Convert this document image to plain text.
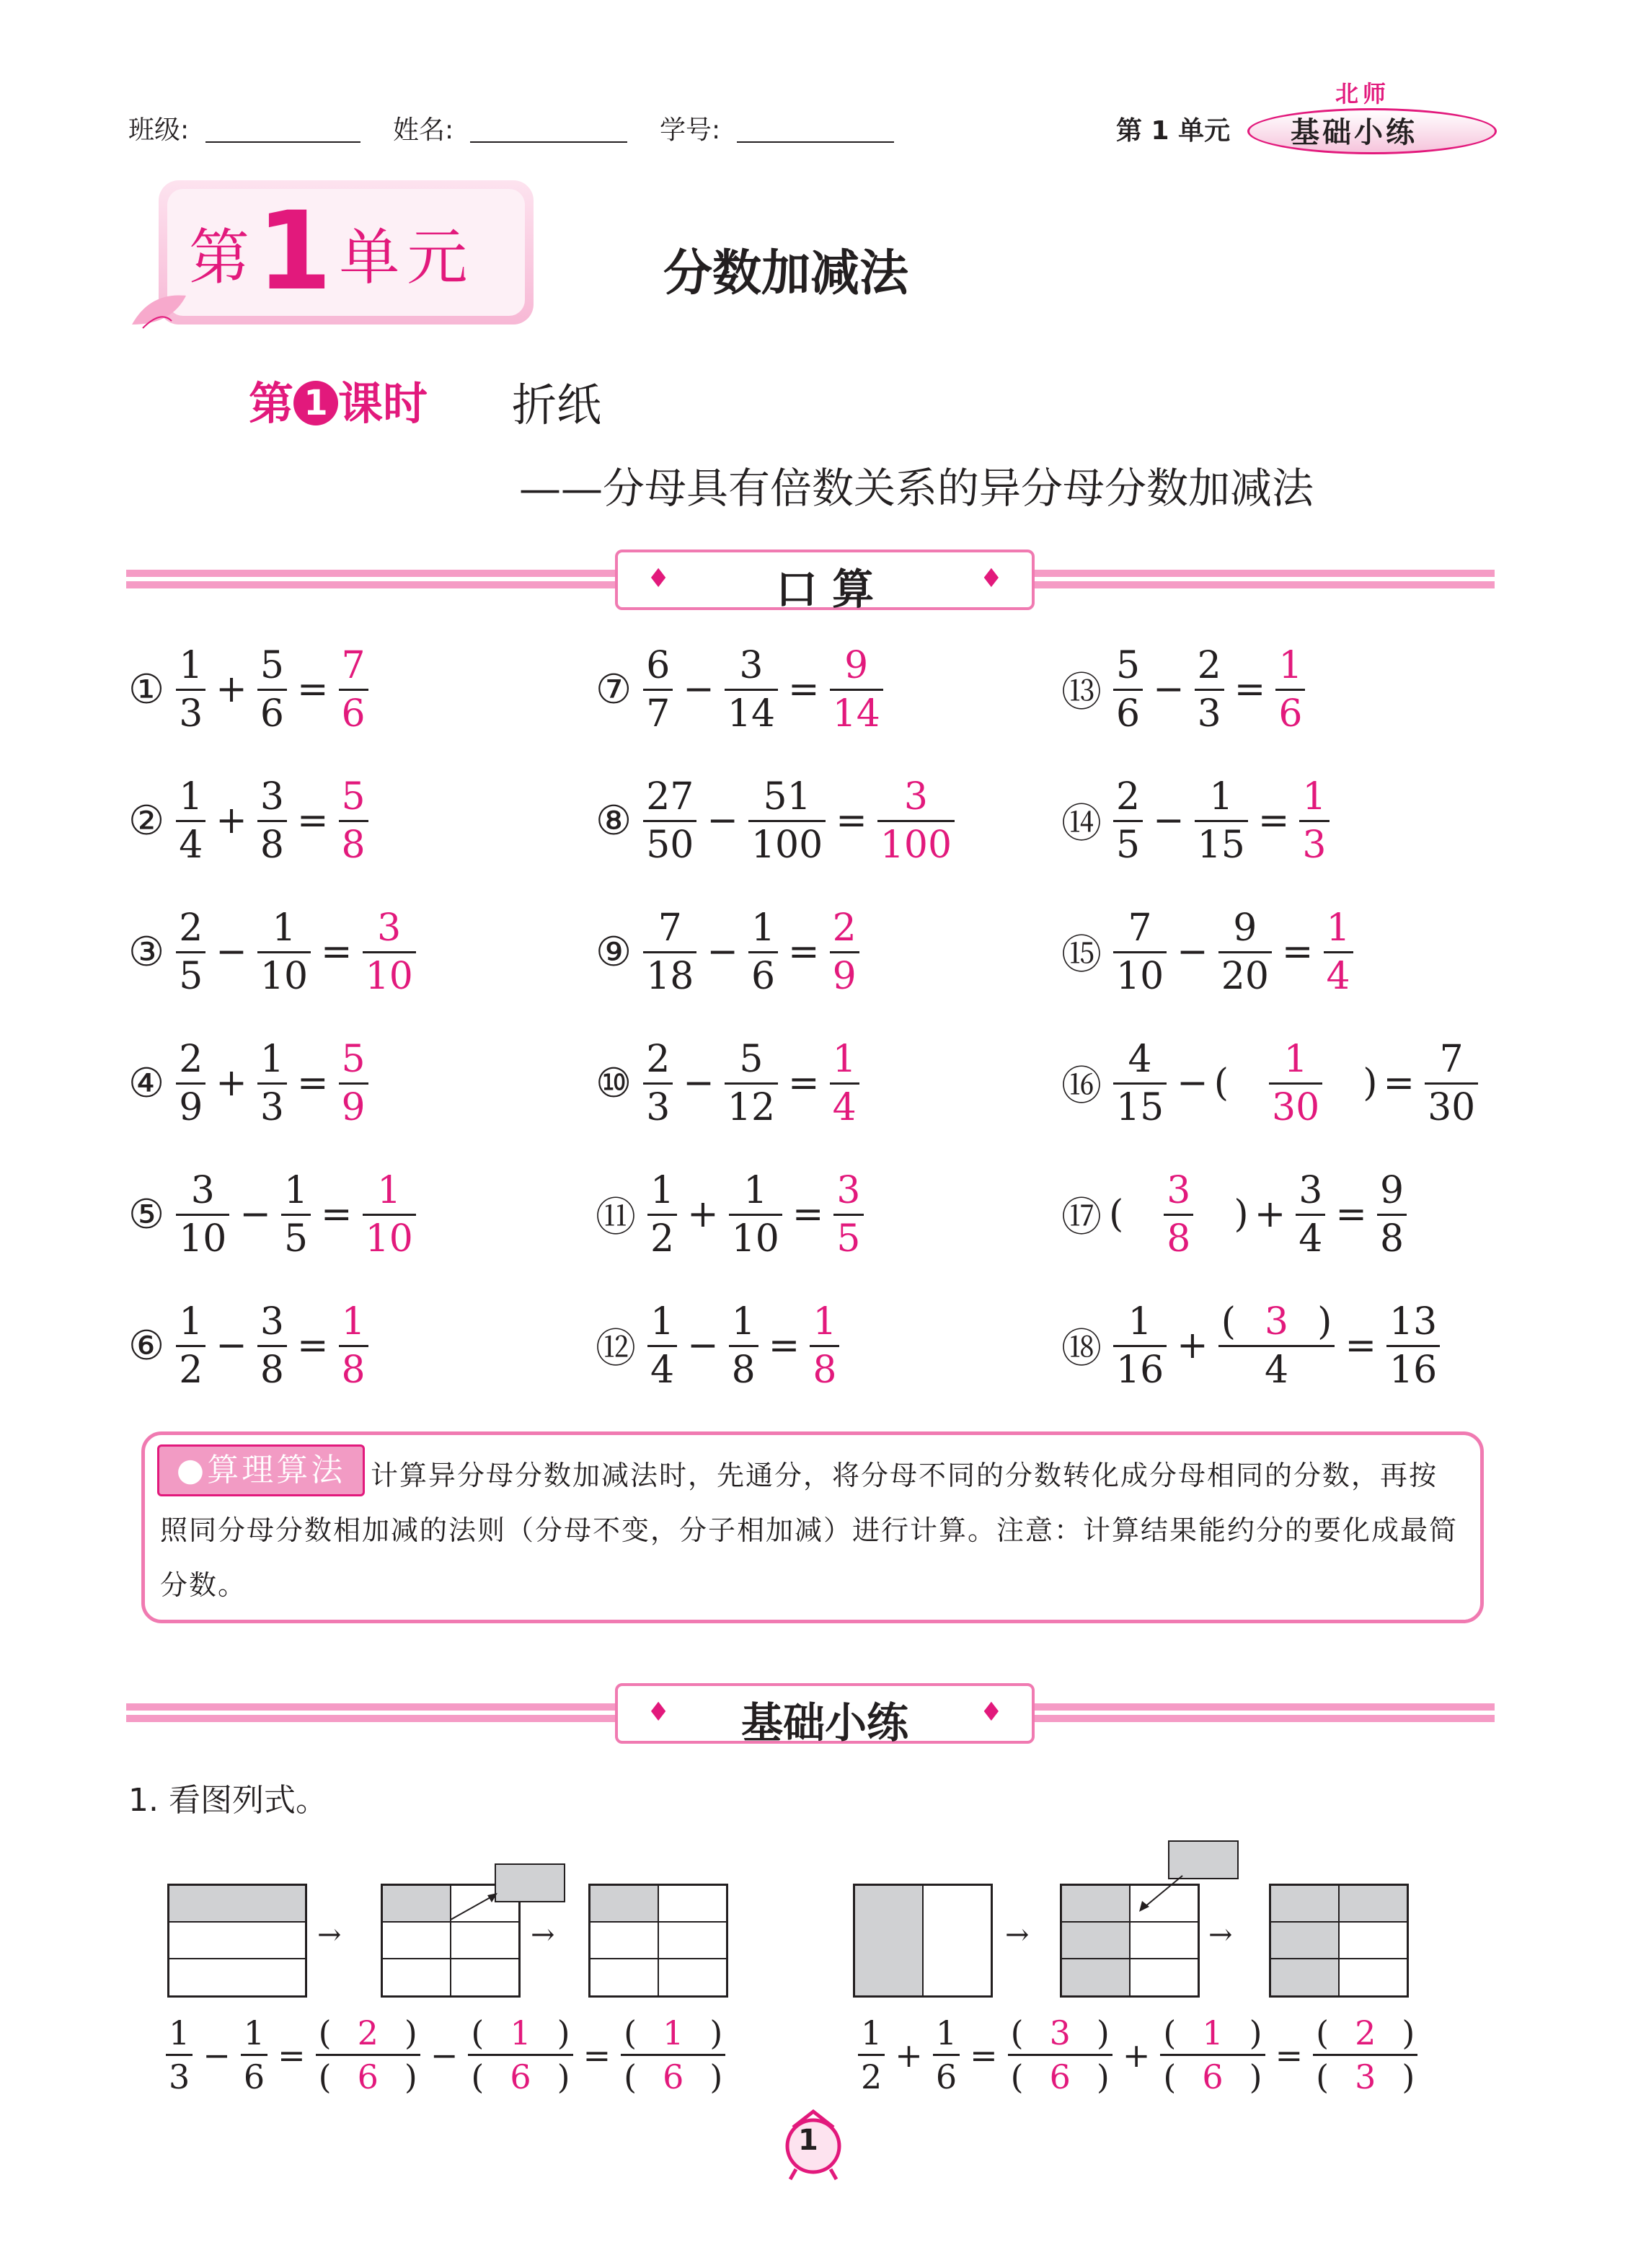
班级:	姓名:	学号:	第 1 单元
北师
基础小练
第1单元	分数加减法
第 1 课时 折纸
——分母具有倍数关系的异分母分数加减法
♦	口 算	♦
①
1
3
+
5
6
=
7
6
②
1
4
+
3
8
=
5
8
③
2
5
−
1
10
=
3
10
④
2
9
+
1
3
=
5
9
⑤
3
10
−
1
5
=
1
10
⑥
1
2
−
3
8
=
1
8
⑦
6
7
−
3
14
=
9
14
⑧
27
50
−
51
100
=
3
100
⑨
7
18
−
1
6
=
2
9
⑩
2
3
−
5
12
=
1
4
⑪
1
2
+
1
10
=
3
5
⑫
1
4
−
1
8
=
1
8
⑬
5
6
−
2
3
=
1
6
⑭
2
5
−
1
15
=
1
3
⑮
7
10
−
9
20
=
1
4
⑯
4
15
− (
1
30
) =
7
30
⑰ (
3
8
) +
3
4
=
9
8
⑱
1
16
+
( 3 )
4
=
13
16
计算异分母分数加减法时，先通分，将分母不同的分数转化成分母相同的分数，再按照同分母分数相加减的法则（分母不变，分子相加减）进行计算。注意：计算结果能约分的要化成最简分数。
●算理算法
♦	基础小练	♦
1. 看图列式。
→	→	→	→
1
3
−
1
6
=
( 2 )
( 6 )
−
( 1 )
( 6 )
=
( 1 )
( 6 )
1
2
+
1
6
=
( 3 )
( 6 )
+
( 1 )
( 6 )
=
( 2 )
( 3 )
1
